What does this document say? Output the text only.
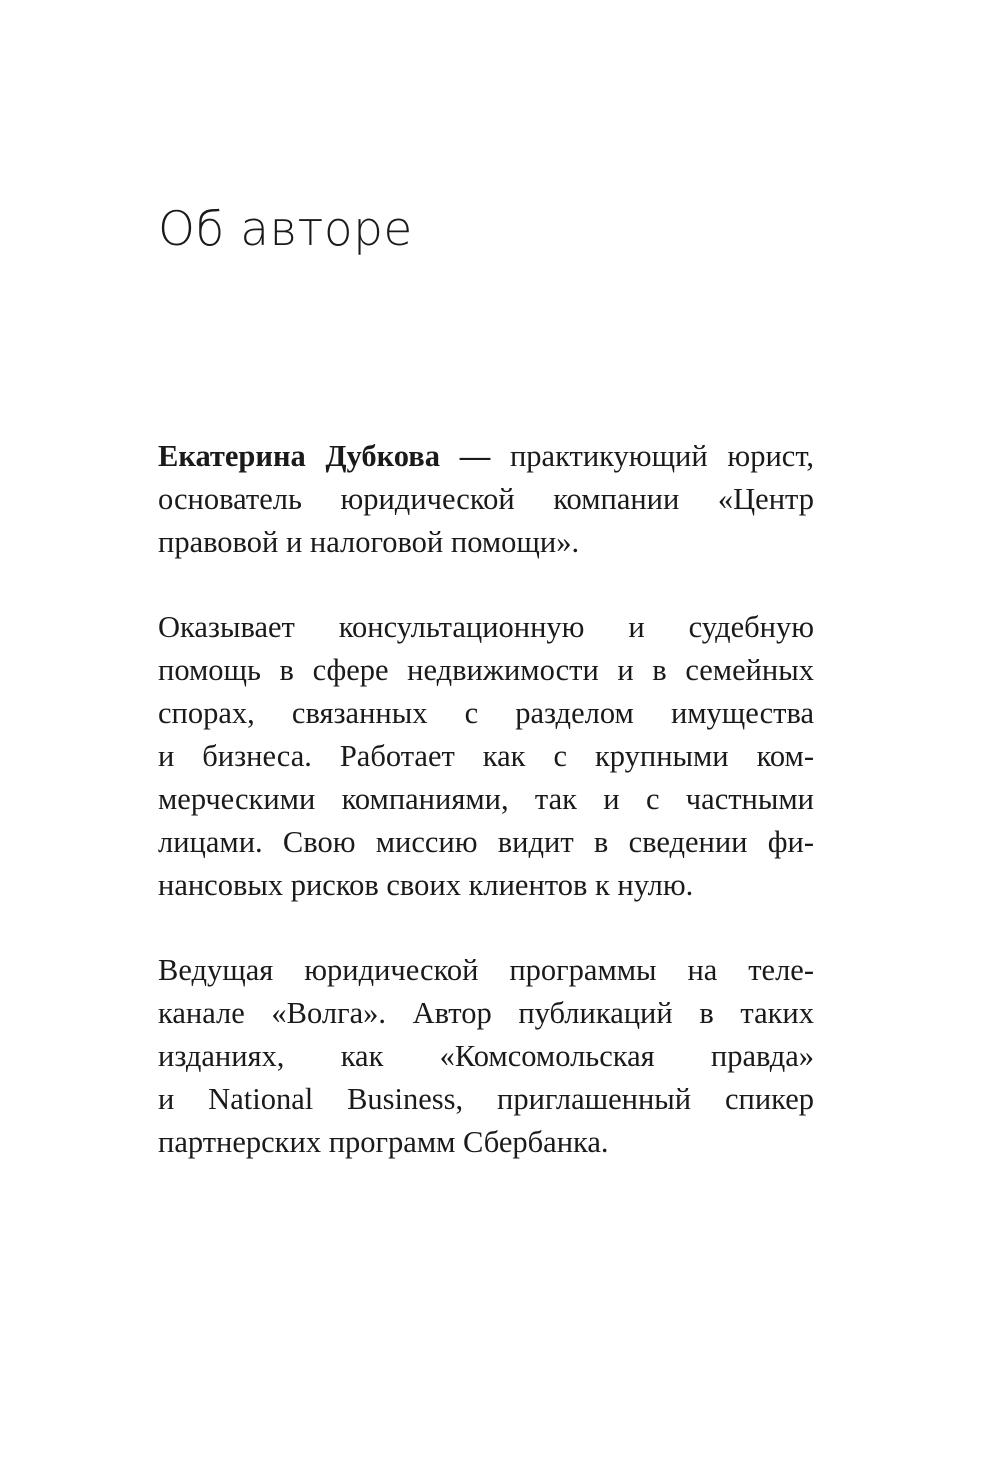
Об авторе

Екатерина Дубкова — практикующий юрист,
основатель юридической компании «Центр
правовой и налоговой помощи».

Оказывает консультационную и судебную
помощь в сфере недвижимости и в семейных
спорах, связанных с разделом имущества
и бизнеса. Работает как с крупными ком-
мерческими компаниями, так и с частными
лицами. Свою миссию видит в сведении фи-
нансовых рисков своих клиентов к нулю.

Ведущая юридической программы на теле-
канале «Волга». Автор публикаций в таких
изданиях, как «Комсомольская правда»
и National Business, приглашенный спикер
партнерских программ Сбербанка.
